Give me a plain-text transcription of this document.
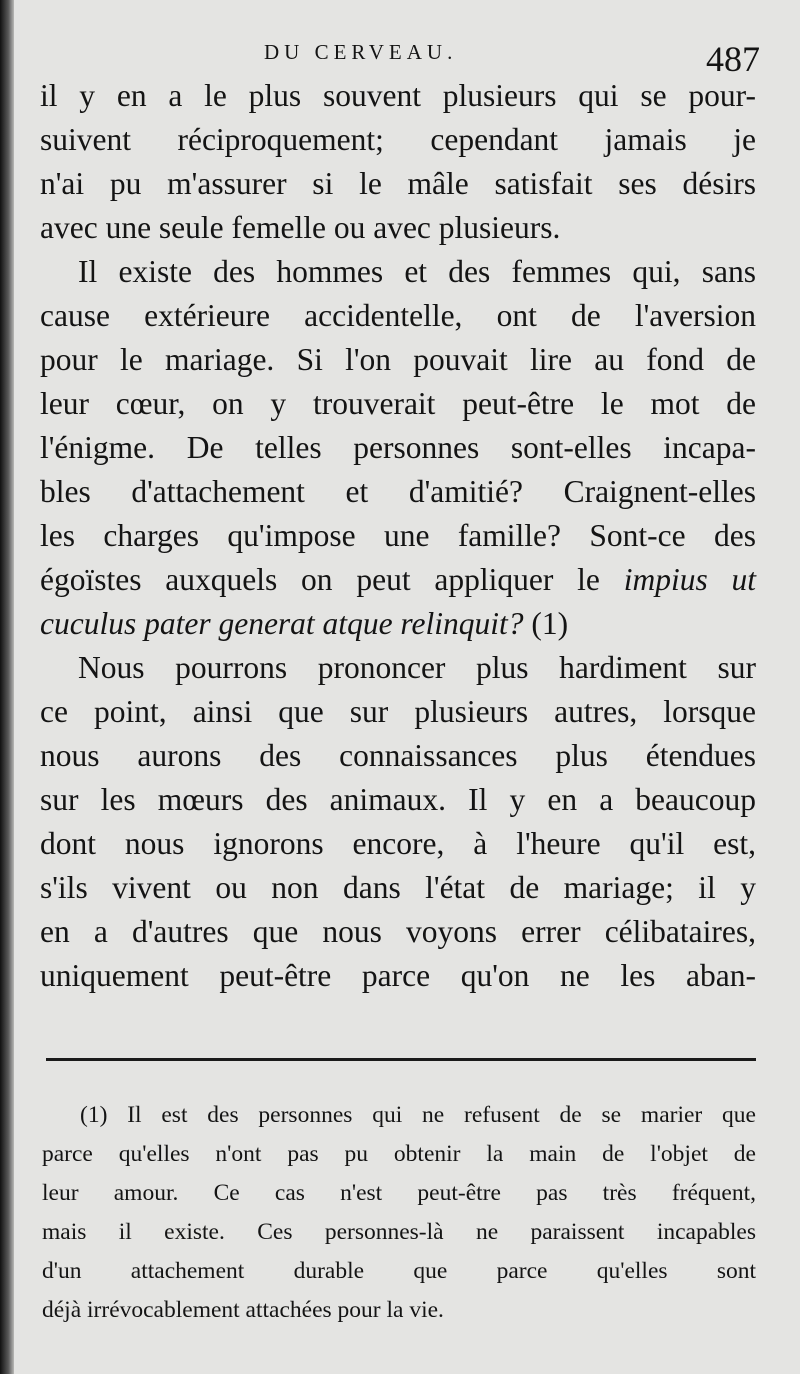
DU CERVEAU.	487
il y en a le plus souvent plusieurs qui se pour-
suivent réciproquement; cependant jamais je
n'ai pu m'assurer si le mâle satisfait ses désirs
avec une seule femelle ou avec plusieurs.
Il existe des hommes et des femmes qui, sans
cause extérieure accidentelle, ont de l'aversion
pour le mariage. Si l'on pouvait lire au fond de
leur cœur, on y trouverait peut-être le mot de
l'énigme. De telles personnes sont-elles incapa-
bles d'attachement et d'amitié? Craignent-elles
les charges qu'impose une famille? Sont-ce des
égoïstes auxquels on peut appliquer le impius ut
cuculus pater generat atque relinquit? (1)
Nous pourrons prononcer plus hardiment sur
ce point, ainsi que sur plusieurs autres, lorsque
nous aurons des connaissances plus étendues
sur les mœurs des animaux. Il y en a beaucoup
dont nous ignorons encore, à l'heure qu'il est,
s'ils vivent ou non dans l'état de mariage; il y
en a d'autres que nous voyons errer célibataires,
uniquement peut-être parce qu'on ne les aban-
(1) Il est des personnes qui ne refusent de se marier que
parce qu'elles n'ont pas pu obtenir la main de l'objet de
leur amour. Ce cas n'est peut-être pas très fréquent,
mais il existe. Ces personnes-là ne paraissent incapables
d'un attachement durable que parce qu'elles sont
déjà irrévocablement attachées pour la vie.
